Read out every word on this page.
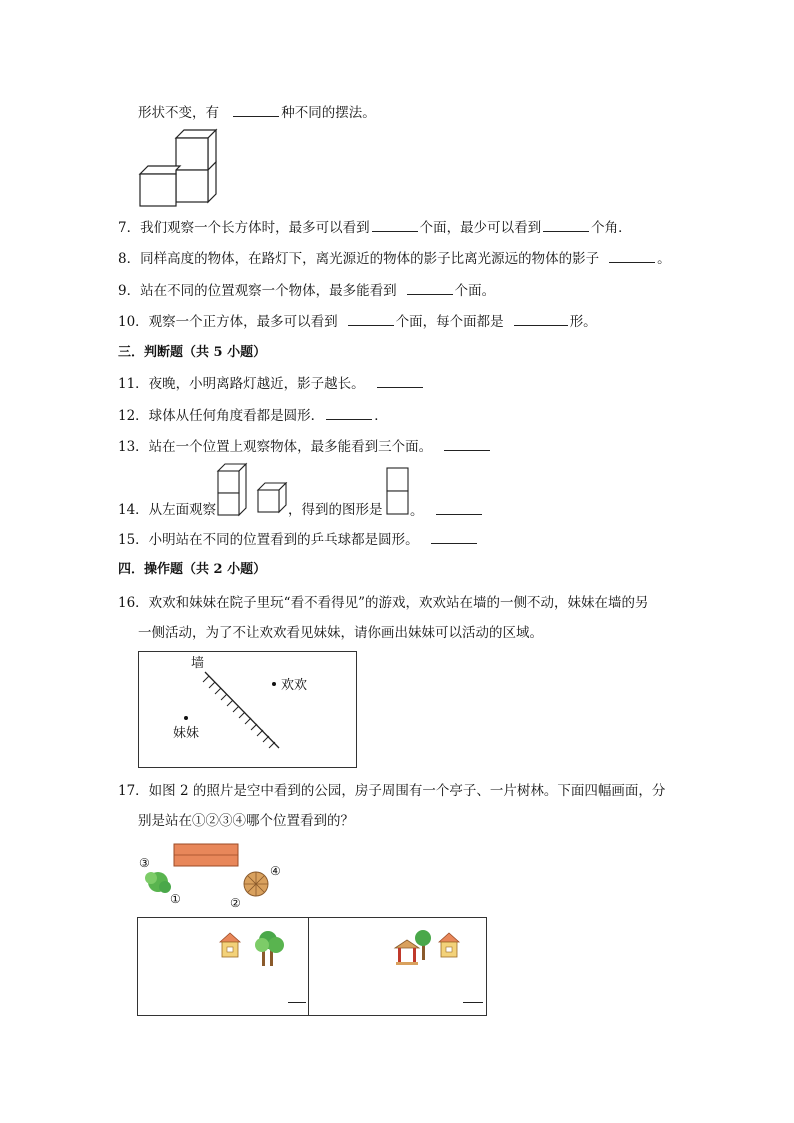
形状不变，有	种不同的摆法。
7．我们观察一个长方体时，最多可以看到	个面，最少可以看到	个角．
8．同样高度的物体，在路灯下，离光源近的物体的影子比离光源远的物体的影子	。
9．站在不同的位置观察一个物体，最多能看到	个面。
10．观察一个正方体，最多可以看到	个面，每个面都是	形。
三．判断题（共 5 小题）
11．夜晚，小明离路灯越近，影子越长。
12．球体从任何角度看都是圆形．	．
13．站在一个位置上观察物体，最多能看到三个面。
14．从左面观察	，得到的图形是 。
15．小明站在不同的位置看到的乒乓球都是圆形。
四．操作题（共 2 小题）
16．欢欢和妹妹在院子里玩“看不看得见”的游戏，欢欢站在墙的一侧不动，妹妹在墙的另
一侧活动，为了不让欢欢看见妹妹，请你画出妹妹可以活动的区域。
墙
欢欢
妹妹
17．如图 2 的照片是空中看到的公园，房子周围有一个亭子、一片树林。下面四幅画面，分
别是站在①②③④哪个位置看到的？
③
①	②
④
